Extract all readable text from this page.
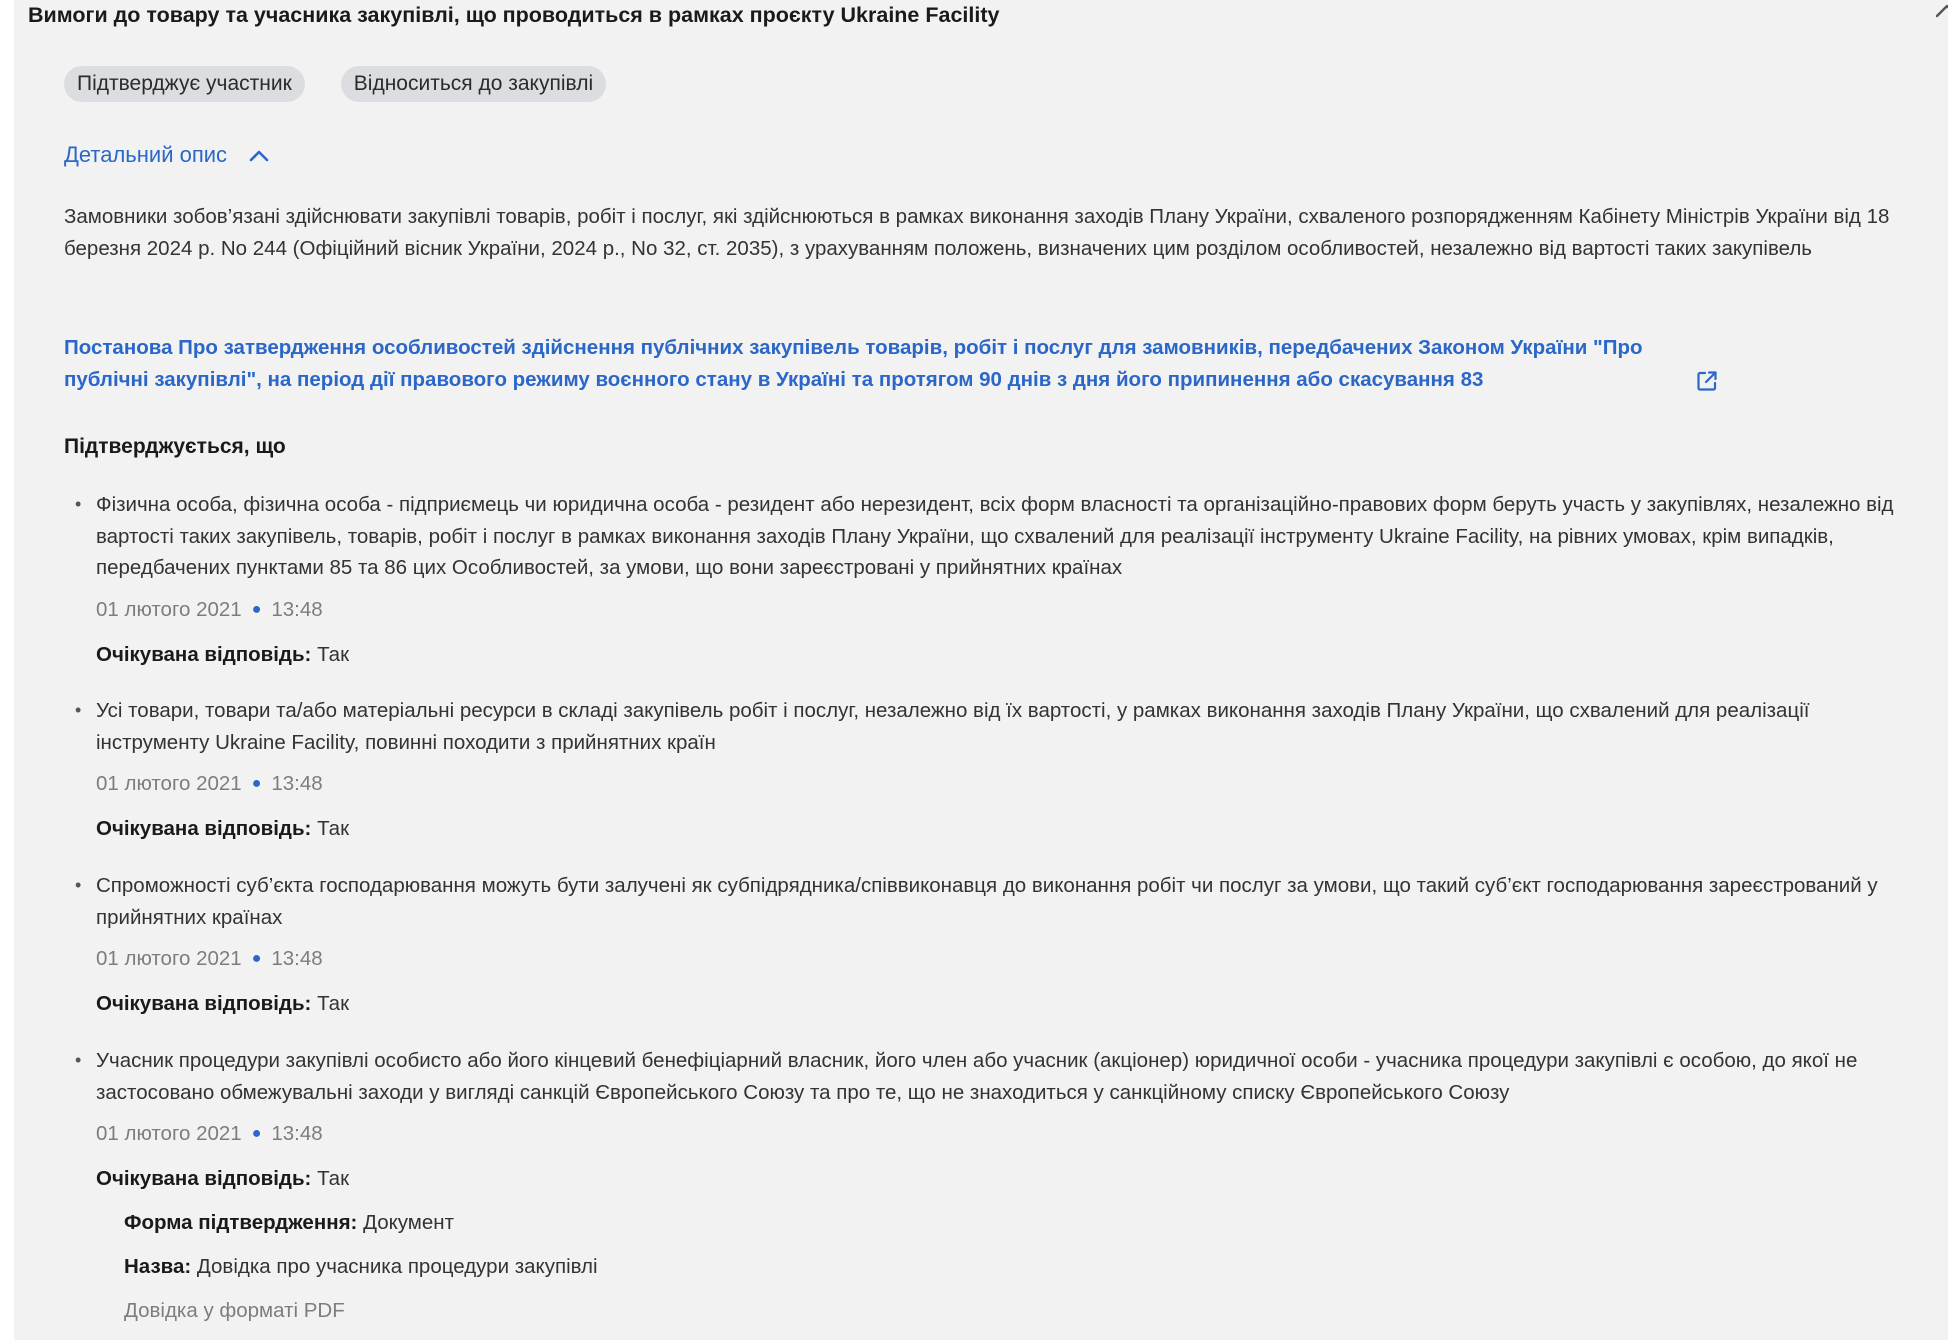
Вимоги до товару та учасника закупівлі, що проводиться в рамках проєкту Ukraine Facility
Підтверджує участник	Відноситься до закупівлі
Детальний опис
Замовники зобов’язані здійснювати закупівлі товарів, робіт і послуг, які здійснюються в рамках виконання заходів Плану України, схваленого розпорядженням Кабінету Міністрів України від 18 березня 2024 р. No 244 (Офіційний вісник України, 2024 р., No 32, ст. 2035), з урахуванням положень, визначених цим розділом особливостей, незалежно від вартості таких закупівель
Постанова Про затвердження особливостей здійснення публічних закупівель товарів, робіт і послуг для замовників, передбачених Законом України "Про публічні закупівлі", на період дії правового режиму воєнного стану в Україні та протягом 90 днів з дня його припинення або скасування 83
Підтверджується, що
• Фізична особа, фізична особа - підприємець чи юридична особа - резидент або нерезидент, всіх форм власності та організаційно-правових форм беруть участь у закупівлях, незалежно від вартості таких закупівель, товарів, робіт і послуг в рамках виконання заходів Плану України, що схвалений для реалізації інструменту Ukraine Facility, на рівних умовах, крім випадків, передбачених пунктами 85 та 86 цих Особливостей, за умови, що вони зареєстровані у прийнятних країнах
01 лютого 2021 ● 13:48
Очікувана відповідь: Так
• Усі товари, товари та/або матеріальні ресурси в складі закупівель робіт і послуг, незалежно від їх вартості, у рамках виконання заходів Плану України, що схвалений для реалізації інструменту Ukraine Facility, повинні походити з прийнятних країн
01 лютого 2021 ● 13:48
Очікувана відповідь: Так
• Спроможності суб’єкта господарювання можуть бути залучені як субпідрядника/співвиконавця до виконання робіт чи послуг за умови, що такий суб’єкт господарювання зареєстрований у прийнятних країнах
01 лютого 2021 ● 13:48
Очікувана відповідь: Так
• Учасник процедури закупівлі особисто або його кінцевий бенефіціарний власник, його член або учасник (акціонер) юридичної особи - учасника процедури закупівлі є особою, до якої не застосовано обмежувальні заходи у вигляді санкцій Європейського Союзу та про те, що не знаходиться у санкційному списку Європейського Союзу
01 лютого 2021 ● 13:48
Очікувана відповідь: Так
Форма підтвердження: Документ
Назва: Довідка про учасника процедури закупівлі
Довідка у форматі PDF
